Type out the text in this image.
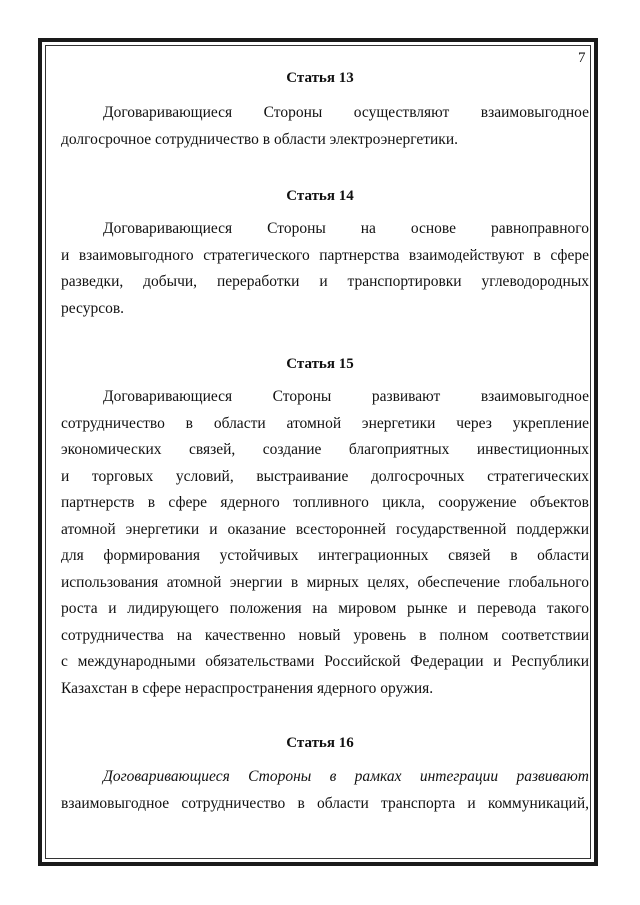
7
Статья 13
Договаривающиеся Стороны осуществляют взаимовыгодное
долгосрочное сотрудничество в области электроэнергетики.
Статья 14
Договаривающиеся Стороны на основе равноправного
и взаимовыгодного стратегического партнерства взаимодействуют в сфере
разведки, добычи, переработки и транспортировки углеводородных
ресурсов.
Статья 15
Договаривающиеся Стороны развивают взаимовыгодное
сотрудничество в области атомной энергетики через укрепление
экономических связей, создание благоприятных инвестиционных
и торговых условий, выстраивание долгосрочных стратегических
партнерств в сфере ядерного топливного цикла, сооружение объектов
атомной энергетики и оказание всесторонней государственной поддержки
для формирования устойчивых интеграционных связей в области
использования атомной энергии в мирных целях, обеспечение глобального
роста и лидирующего положения на мировом рынке и перевода такого
сотрудничества на качественно новый уровень в полном соответствии
с международными обязательствами Российской Федерации и Республики
Казахстан в сфере нераспространения ядерного оружия.
Статья 16
Договаривающиеся Стороны в рамках интеграции развивают
взаимовыгодное сотрудничество в области транспорта и коммуникаций,
